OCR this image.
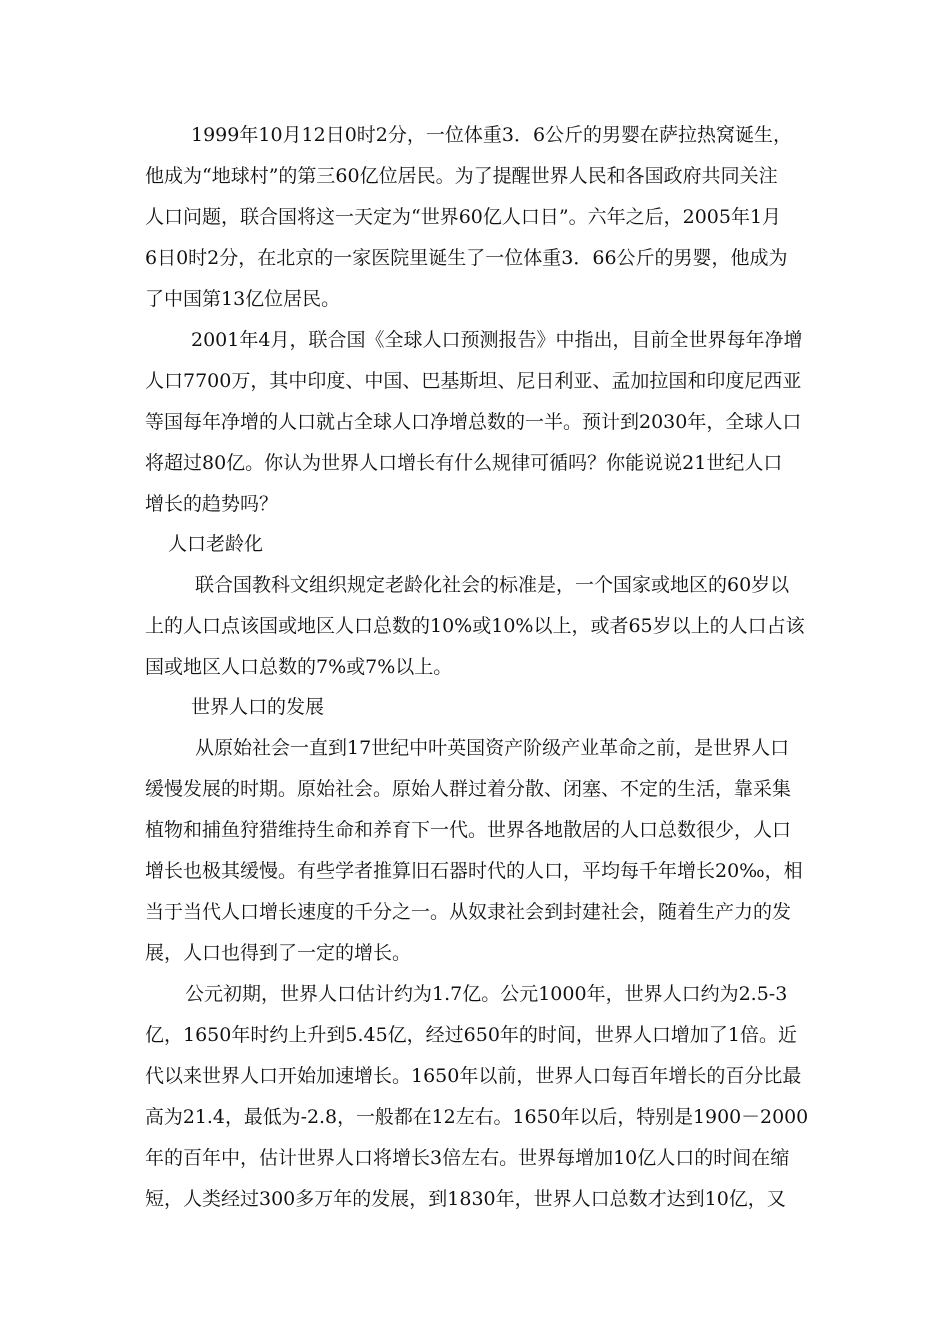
1999年10月12日0时2分，一位体重3．6公斤的男婴在萨拉热窝诞生，
他成为“地球村”的第三60亿位居民。为了提醒世界人民和各国政府共同关注
人口问题，联合国将这一天定为“世界60亿人口日”。六年之后，2005年1月
6日0时2分，在北京的一家医院里诞生了一位体重3．66公斤的男婴，他成为
了中国第13亿位居民。
2001年4月，联合国《全球人口预测报告》中指出，目前全世界每年净增
人口7700万，其中印度、中国、巴基斯坦、尼日利亚、孟加拉国和印度尼西亚
等国每年净增的人口就占全球人口净增总数的一半。预计到2030年，全球人口
将超过80亿。你认为世界人口增长有什么规律可循吗？你能说说21世纪人口
增长的趋势吗？
人口老龄化
联合国教科文组织规定老龄化社会的标准是，一个国家或地区的60岁以
上的人口点该国或地区人口总数的10%或10%以上，或者65岁以上的人口占该
国或地区人口总数的7%或7%以上。
世界人口的发展
从原始社会一直到17世纪中叶英国资产阶级产业革命之前，是世界人口
缓慢发展的时期。原始社会。原始人群过着分散、闭塞、不定的生活，靠采集
植物和捕鱼狩猎维持生命和养育下一代。世界各地散居的人口总数很少，人口
增长也极其缓慢。有些学者推算旧石器时代的人口，平均每千年增长20‰，相
当于当代人口增长速度的千分之一。从奴隶社会到封建社会，随着生产力的发
展，人口也得到了一定的增长。
公元初期，世界人口估计约为1.7亿。公元1000年，世界人口约为2.5-3
亿，1650年时约上升到5.45亿，经过650年的时间，世界人口增加了1倍。近
代以来世界人口开始加速增长。1650年以前，世界人口每百年增长的百分比最
高为21.4，最低为-2.8，一般都在12左右。1650年以后，特别是1900－2000
年的百年中，估计世界人口将增长3倍左右。世界每增加10亿人口的时间在缩
短，人类经过300多万年的发展，到1830年，世界人口总数才达到10亿，又
